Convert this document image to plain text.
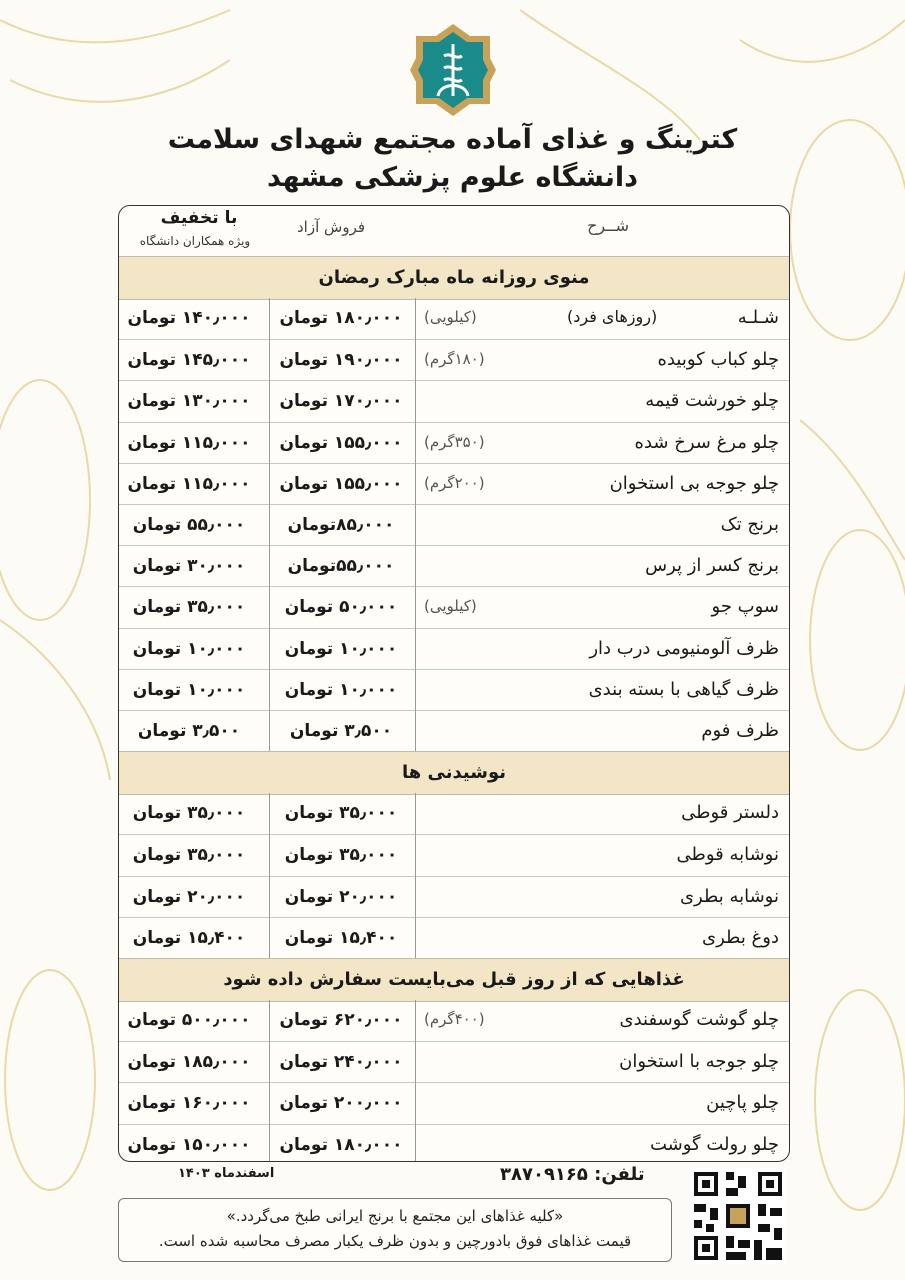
کترینگ و غذای آماده مجتمع شهدای سلامت
دانشگاه علوم پزشکی مشهد
شــرح
فروش آزاد
با تخفیف
ویژه همکاران دانشگاه
منوی روزانه ماه مبارک رمضان
شـلـه
(روزهای فرد)
(کیلویی)
۱۸۰٫۰۰۰ تومان
۱۴۰٫۰۰۰ تومان
چلو کباب کوبیده
(۱۸۰گرم)
۱۹۰٫۰۰۰ تومان
۱۴۵٫۰۰۰ تومان
چلو خورشت قیمه
۱۷۰٫۰۰۰ تومان
۱۳۰٫۰۰۰ تومان
چلو مرغ سرخ شده
(۳۵۰گرم)
۱۵۵٫۰۰۰ تومان
۱۱۵٫۰۰۰ تومان
چلو جوجه بی استخوان
(۲۰۰گرم)
۱۵۵٫۰۰۰ تومان
۱۱۵٫۰۰۰ تومان
برنج تک
۸۵٫۰۰۰تومان
۵۵٫۰۰۰ تومان
برنج کسر از پرس
۵۵٫۰۰۰تومان
۳۰٫۰۰۰ تومان
سوپ جو
(کیلویی)
۵۰٫۰۰۰ تومان
۳۵٫۰۰۰ تومان
ظرف آلومنیومی درب دار
۱۰٫۰۰۰ تومان
۱۰٫۰۰۰ تومان
ظرف گیاهی با بسته بندی
۱۰٫۰۰۰ تومان
۱۰٫۰۰۰ تومان
ظرف فوم
۳٫۵۰۰ تومان
۳٫۵۰۰ تومان
نوشیدنی ها
دلستر قوطی
۳۵٫۰۰۰ تومان
۳۵٫۰۰۰ تومان
نوشابه قوطی
۳۵٫۰۰۰ تومان
۳۵٫۰۰۰ تومان
نوشابه بطری
۲۰٫۰۰۰ تومان
۲۰٫۰۰۰ تومان
دوغ بطری
۱۵٫۴۰۰ تومان
۱۵٫۴۰۰ تومان
غذاهایی که از روز قبل می‌بایست سفارش داده شود
چلو گوشت گوسفندی
(۴۰۰گرم)
۶۲۰٫۰۰۰ تومان
۵۰۰٫۰۰۰ تومان
چلو جوجه با استخوان
۲۴۰٫۰۰۰ تومان
۱۸۵٫۰۰۰ تومان
چلو پاچین
۲۰۰٫۰۰۰ تومان
۱۶۰٫۰۰۰ تومان
چلو رولت گوشت
۱۸۰٫۰۰۰ تومان
۱۵۰٫۰۰۰ تومان
اسفندماه ۱۴۰۳	تلفن: ۳۸۷۰۹۱۶۵
«کلیه غذاهای این مجتمع با برنج ایرانی طبخ می‌گردد.»
قیمت غذاهای فوق بادورچین و بدون ظرف یکبار مصرف محاسبه شده است.
